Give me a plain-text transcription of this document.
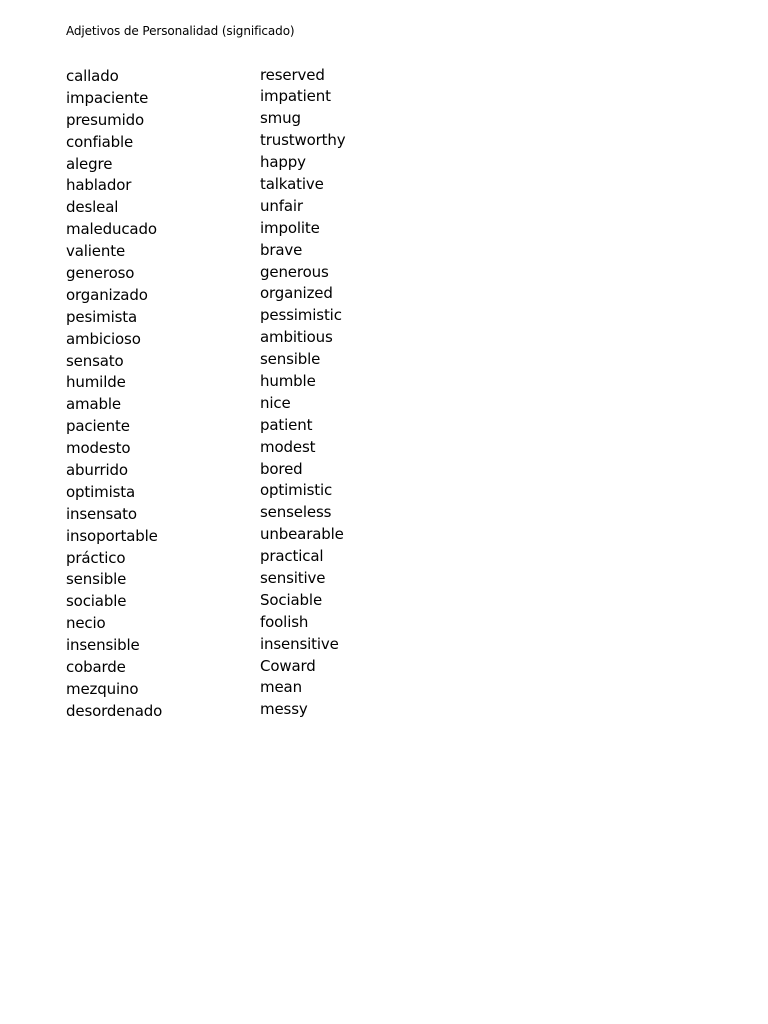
Adjetivos de Personalidad (significado)
callado	reserved
impaciente	impatient
presumido	smug
confiable	trustworthy
alegre	happy
hablador	talkative
desleal	unfair
maleducado	impolite
valiente	brave
generoso	generous
organizado	organized
pesimista	pessimistic
ambicioso	ambitious
sensato	sensible
humilde	humble
amable	nice
paciente	patient
modesto	modest
aburrido	bored
optimista	optimistic
insensato	senseless
insoportable	unbearable
práctico	practical
sensible	sensitive
sociable	Sociable
necio	foolish
insensible	insensitive
cobarde	Coward
mezquino	mean
desordenado	messy
